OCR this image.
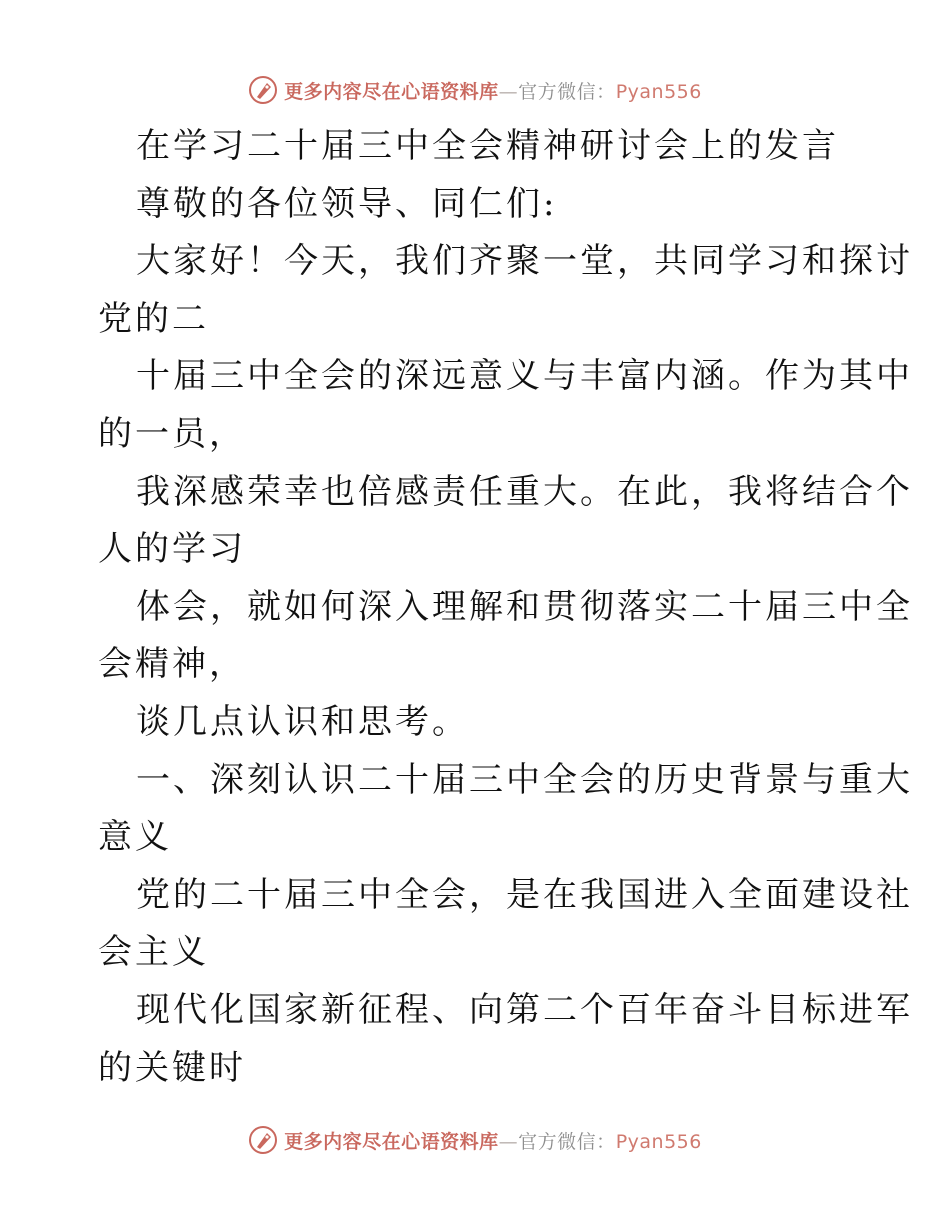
更多内容尽在心语资料库—官方微信：Pyan556
在学习二十届三中全会精神研讨会上的发言
尊敬的各位领导、同仁们:
大家好！今天，我们齐聚一堂，共同学习和探讨
党的二
十届三中全会的深远意义与丰富内涵。作为其中
的一员，
我深感荣幸也倍感责任重大。在此，我将结合个
人的学习
体会，就如何深入理解和贯彻落实二十届三中全
会精神，
谈几点认识和思考。
一、深刻认识二十届三中全会的历史背景与重大
意义
党的二十届三中全会，是在我国进入全面建设社
会主义
现代化国家新征程、向第二个百年奋斗目标进军
的关键时
更多内容尽在心语资料库—官方微信：Pyan556
